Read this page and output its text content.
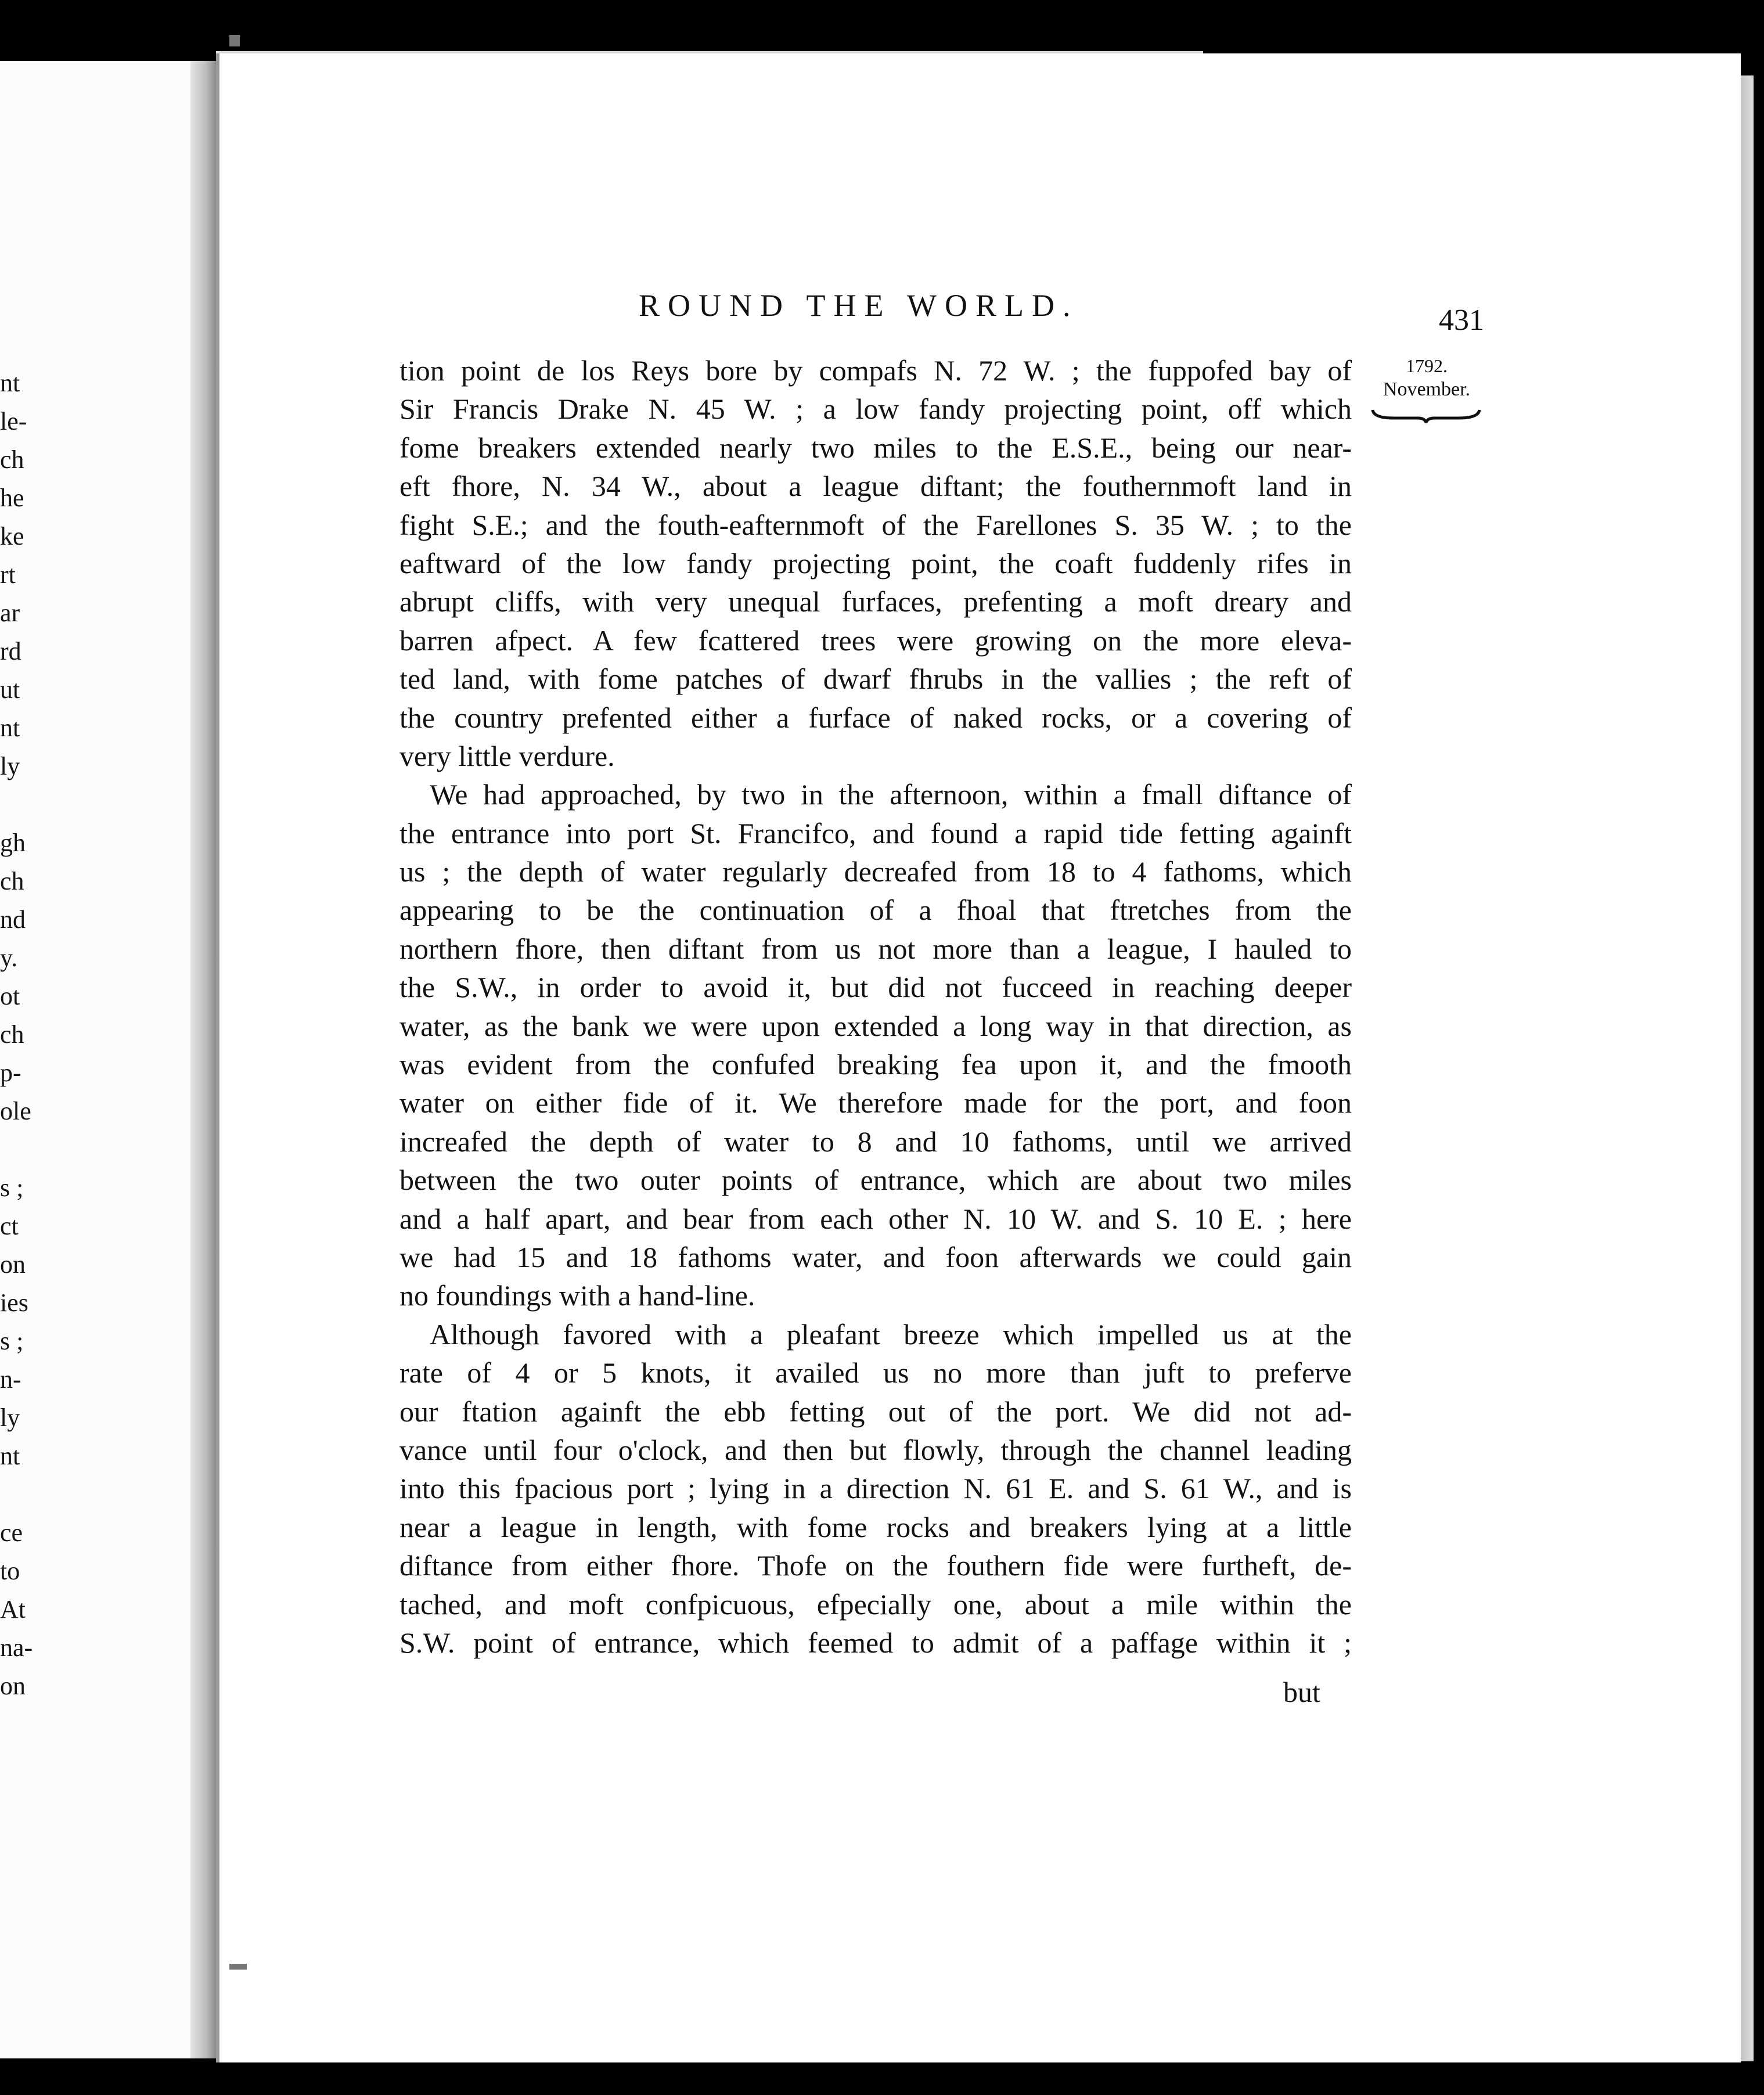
nt
le-
ch
he
ke
rt
ar
rd
ut
nt
ly
gh
ch
nd
y.
ot
ch
p-
ole
s ;
ct
on
ies
s ;
n-
ly
nt
ce
to
At
na-
on
ROUND THE WORLD.	431
1792.
November.
tion point de los Reys bore by compafs N. 72 W. ; the fuppofed bay of
Sir Francis Drake N. 45 W. ; a low fandy projecting point, off which
fome breakers extended nearly two miles to the E.S.E., being our near-
eft fhore, N. 34 W., about a league diftant; the fouthernmoft land in
fight S.E.; and the fouth-eafternmoft of the Farellones S. 35 W. ; to the
eaftward of the low fandy projecting point, the coaft fuddenly rifes in
abrupt cliffs, with very unequal furfaces, prefenting a moft dreary and
barren afpect. A few fcattered trees were growing on the more eleva-
ted land, with fome patches of dwarf fhrubs in the vallies ; the reft of
the country prefented either a furface of naked rocks, or a covering of
very little verdure.
We had approached, by two in the afternoon, within a fmall diftance of
the entrance into port St. Francifco, and found a rapid tide fetting againft
us ; the depth of water regularly decreafed from 18 to 4 fathoms, which
appearing to be the continuation of a fhoal that ftretches from the
northern fhore, then diftant from us not more than a league, I hauled to
the S.W., in order to avoid it, but did not fucceed in reaching deeper
water, as the bank we were upon extended a long way in that direction, as
was evident from the confufed breaking fea upon it, and the fmooth
water on either fide of it. We therefore made for the port, and foon
increafed the depth of water to 8 and 10 fathoms, until we arrived
between the two outer points of entrance, which are about two miles
and a half apart, and bear from each other N. 10 W. and S. 10 E. ; here
we had 15 and 18 fathoms water, and foon afterwards we could gain
no foundings with a hand-line.
Although favored with a pleafant breeze which impelled us at the
rate of 4 or 5 knots, it availed us no more than juft to preferve
our ftation againft the ebb fetting out of the port. We did not ad-
vance until four o'clock, and then but flowly, through the channel leading
into this fpacious port ; lying in a direction N. 61 E. and S. 61 W., and is
near a league in length, with fome rocks and breakers lying at a little
diftance from either fhore. Thofe on the fouthern fide were furtheft, de-
tached, and moft confpicuous, efpecially one, about a mile within the
S.W. point of entrance, which feemed to admit of a paffage within it ;
but
